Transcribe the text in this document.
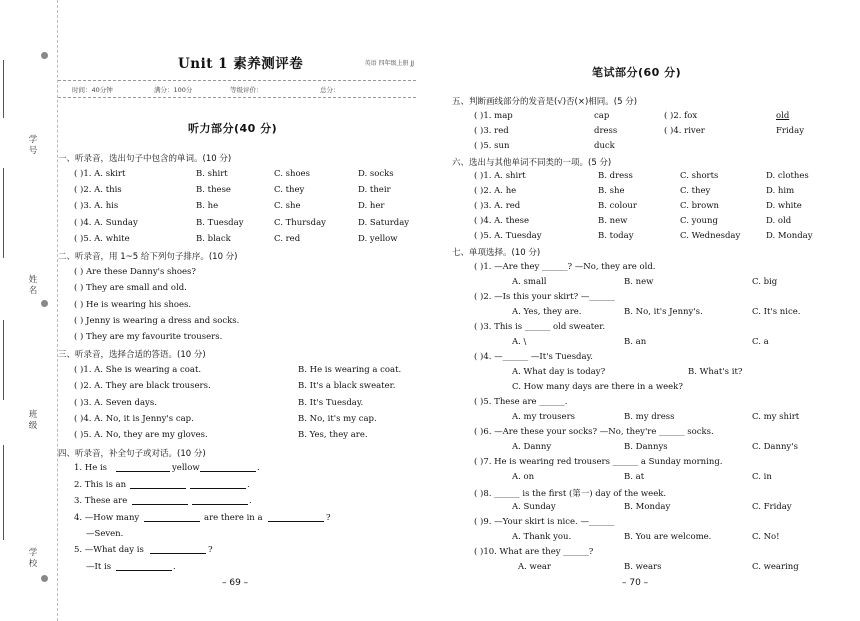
学号
姓名
班级
学校
Unit 1 素养测评卷	英语 四年级上册 JJ
时间：40分钟	满分：100分	等级评价：	总分：
听力部分(40 分)
一、听录音，选出句子中包含的单词。(10 分)
( )1. A. skirt	B. shirt	C. shoes	D. socks
( )2. A. this	B. these	C. they	D. their
( )3. A. his	B. he	C. she	D. her
( )4. A. Sunday	B. Tuesday	C. Thursday	D. Saturday
( )5. A. white	B. black	C. red	D. yellow
二、听录音，用 1~5 给下列句子排序。(10 分)
( ) Are these Danny's shoes?
( ) They are small and old.
( ) He is wearing his shoes.
( ) Jenny is wearing a dress and socks.
( ) They are my favourite trousers.
三、听录音，选择合适的答语。(10 分)
( )1. A. She is wearing a coat.	B. He is wearing a coat.
( )2. A. They are black trousers.	B. It's a black sweater.
( )3. A. Seven days.	B. It's Tuesday.
( )4. A. No, it is Jenny's cap.	B. No, it's my cap.
( )5. A. No, they are my gloves.	B. Yes, they are.
四、听录音，补全句子或对话。(10 分)
1. He is	yellow	.
2. This is an	.
3. These are	.
4. —How many	are there in a	?
—Seven.
5. —What day is	?
—It is	.
– 69 –
笔试部分(60 分)
五、判断画线部分的发音是(√)否(×)相同。(5 分)
( )1. map	cap	( )2. fox	old
( )3. red	dress	( )4. river	Friday
( )5. sun	duck
六、选出与其他单词不同类的一项。(5 分)
( )1. A. shirt	B. dress	C. shorts	D. clothes
( )2. A. he	B. she	C. they	D. him
( )3. A. red	B. colour	C. brown	D. white
( )4. A. these	B. new	C. young	D. old
( )5. A. Tuesday	B. today	C. Wednesday	D. Monday
七、单项选择。(10 分)
( )1. —Are they ______? —No, they are old.
A. small	B. new	C. big
( )2. —Is this your skirt? —______
A. Yes, they are.	B. No, it's Jenny's.	C. It's nice.
( )3. This is ______ old sweater.
A. \	B. an	C. a
( )4. —______ —It's Tuesday.
A. What day is today?	B. What's it?
C. How many days are there in a week?
( )5. These are ______.
A. my trousers	B. my dress	C. my shirt
( )6. —Are these your socks? —No, they're ______ socks.
A. Danny	B. Dannys	C. Danny's
( )7. He is wearing red trousers ______ a Sunday morning.
A. on	B. at	C. in
( )8. ______ is the first (第一) day of the week.
A. Sunday	B. Monday	C. Friday
( )9. —Your skirt is nice. —______
A. Thank you.	B. You are welcome.	C. No!
( )10. What are they ______?
A. wear	B. wears	C. wearing
– 70 –
